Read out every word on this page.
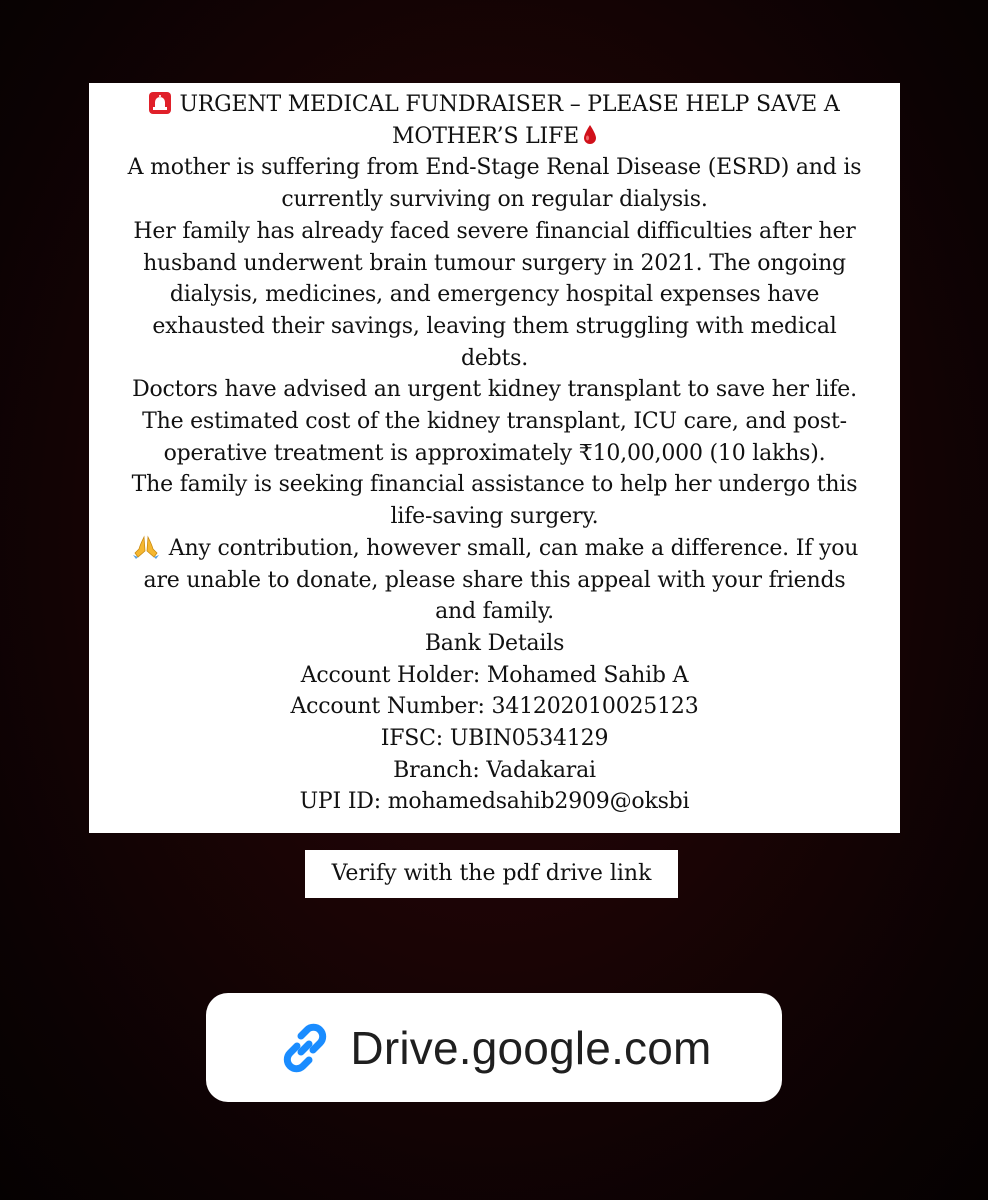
URGENT MEDICAL FUNDRAISER – PLEASE HELP SAVE A
MOTHER’S LIFE
A mother is suffering from End-Stage Renal Disease (ESRD) and is
currently surviving on regular dialysis.
Her family has already faced severe financial difficulties after her
husband underwent brain tumour surgery in 2021. The ongoing
dialysis, medicines, and emergency hospital expenses have
exhausted their savings, leaving them struggling with medical
debts.
Doctors have advised an urgent kidney transplant to save her life.
The estimated cost of the kidney transplant, ICU care, and post-
operative treatment is approximately ₹10,00,000 (10 lakhs).
The family is seeking financial assistance to help her undergo this
life-saving surgery.
Any contribution, however small, can make a difference. If you
are unable to donate, please share this appeal with your friends
and family.
Bank Details
Account Holder: Mohamed Sahib A
Account Number: 341202010025123
IFSC: UBIN0534129
Branch: Vadakarai
UPI ID: mohamedsahib2909@oksbi
Verify with the pdf drive link
Drive.google.com
